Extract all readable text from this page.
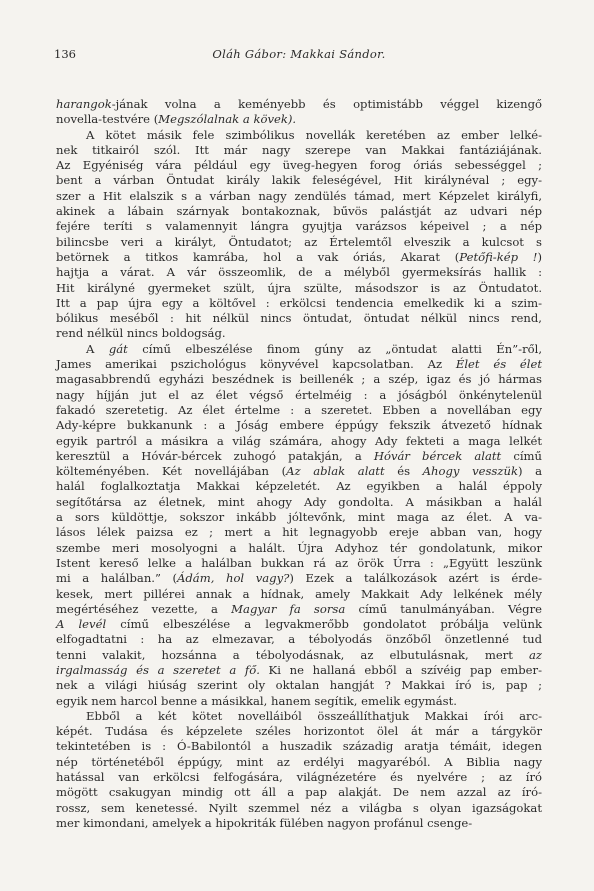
136	Oláh Gábor: Makkai Sándor.
harangok-jának volna a keményebb és optimistább véggel kizengő
novella-testvére (Megszólalnak a kövek).
A kötet másik fele szimbólikus novellák keretében az ember lelké-
nek titkairól szól. Itt már nagy szerepe van Makkai fantáziájának.
Az Egyéniség vára például egy üveg-hegyen forog óriás sebességgel ;
bent a várban Öntudat király lakik feleségével, Hit királynéval ; egy-
szer a Hit elalszik s a várban nagy zendülés támad, mert Képzelet királyfi,
akinek a lábain szárnyak bontakoznak, bűvös palástját az udvari nép
fejére teríti s valamennyit lángra gyujtja varázsos képeivel ; a nép
bilincsbe veri a királyt, Öntudatot; az Értelemtől elveszik a kulcsot s
betörnek a titkos kamrába, hol a vak óriás, Akarat (Petőfi-kép !)
hajtja a várat. A vár összeomlik, de a mélyből gyermeksírás hallik :
Hit királyné gyermeket szült, újra szülte, másodszor is az Öntudatot.
Itt a pap újra egy a költővel : erkölcsi tendencia emelkedik ki a szim-
bólikus meséből : hit nélkül nincs öntudat, öntudat nélkül nincs rend,
rend nélkül nincs boldogság.
A gát című elbeszélése finom gúny az „öntudat alatti Én”-ről,
James amerikai pszichológus könyvével kapcsolatban. Az Élet és élet
magasabbrendű egyházi beszédnek is beillenék ; a szép, igaz és jó hármas
nagy híjján jut el az élet végső értelméig : a jóságból önkénytelenül
fakadó szeretetig. Az élet értelme : a szeretet. Ebben a novellában egy
Ady-képre bukkanunk : a Jóság embere éppúgy fekszik átvezető hídnak
egyik partról a másikra a világ számára, ahogy Ady fekteti a maga lelkét
keresztül a Hóvár-bércek zuhogó patakján, a Hóvár bércek alatt című
költeményében. Két novellájában (Az ablak alatt és Ahogy vesszük) a
halál foglalkoztatja Makkai képzeletét. Az egyikben a halál éppoly
segítőtársa az életnek, mint ahogy Ady gondolta. A másikban a halál
a sors küldöttje, sokszor inkább jóltevőnk, mint maga az élet. A va-
lásos lélek paizsa ez ; mert a hit legnagyobb ereje abban van, hogy
szembe meri mosolyogni a halált. Újra Adyhoz tér gondolatunk, mikor
Istent kereső lelke a halálban bukkan rá az örök Úrra : „Együtt leszünk
mi a halálban.” (Ádám, hol vagy?) Ezek a találkozások azért is érde-
kesek, mert pillérei annak a hídnak, amely Makkait Ady lelkének mély
megértéséhez vezette, a Magyar fa sorsa című tanulmányában. Végre
A levél című elbeszélése a legvakmerőbb gondolatot próbálja velünk
elfogadtatni : ha az elmezavar, a tébolyodás önzőből önzetlenné tud
tenni valakit, hozsánna a tébolyodásnak, az elbutulásnak, mert az
irgalmasság és a szeretet a fő. Ki ne hallaná ebből a szívéig pap ember-
nek a világi hiúság szerint oly oktalan hangját ? Makkai író is, pap ;
egyik nem harcol benne a másikkal, hanem segítik, emelik egymást.
Ebből a két kötet novelláiból összeállíthatjuk Makkai írói arc-
képét. Tudása és képzelete széles horizontot ölel át már a tárgykör
tekintetében is : Ó-Babilontól a huszadik századig aratja témáit, idegen
nép történetéből éppúgy, mint az erdélyi magyaréból. A Biblia nagy
hatással van erkölcsi felfogására, világnézetére és nyelvére ; az író
mögött csakugyan mindig ott áll a pap alakját. De nem azzal az író-
rossz, sem kenetessé. Nyilt szemmel néz a világba s olyan igazságokat
mer kimondani, amelyek a hipokriták fülében nagyon profánul csenge-
